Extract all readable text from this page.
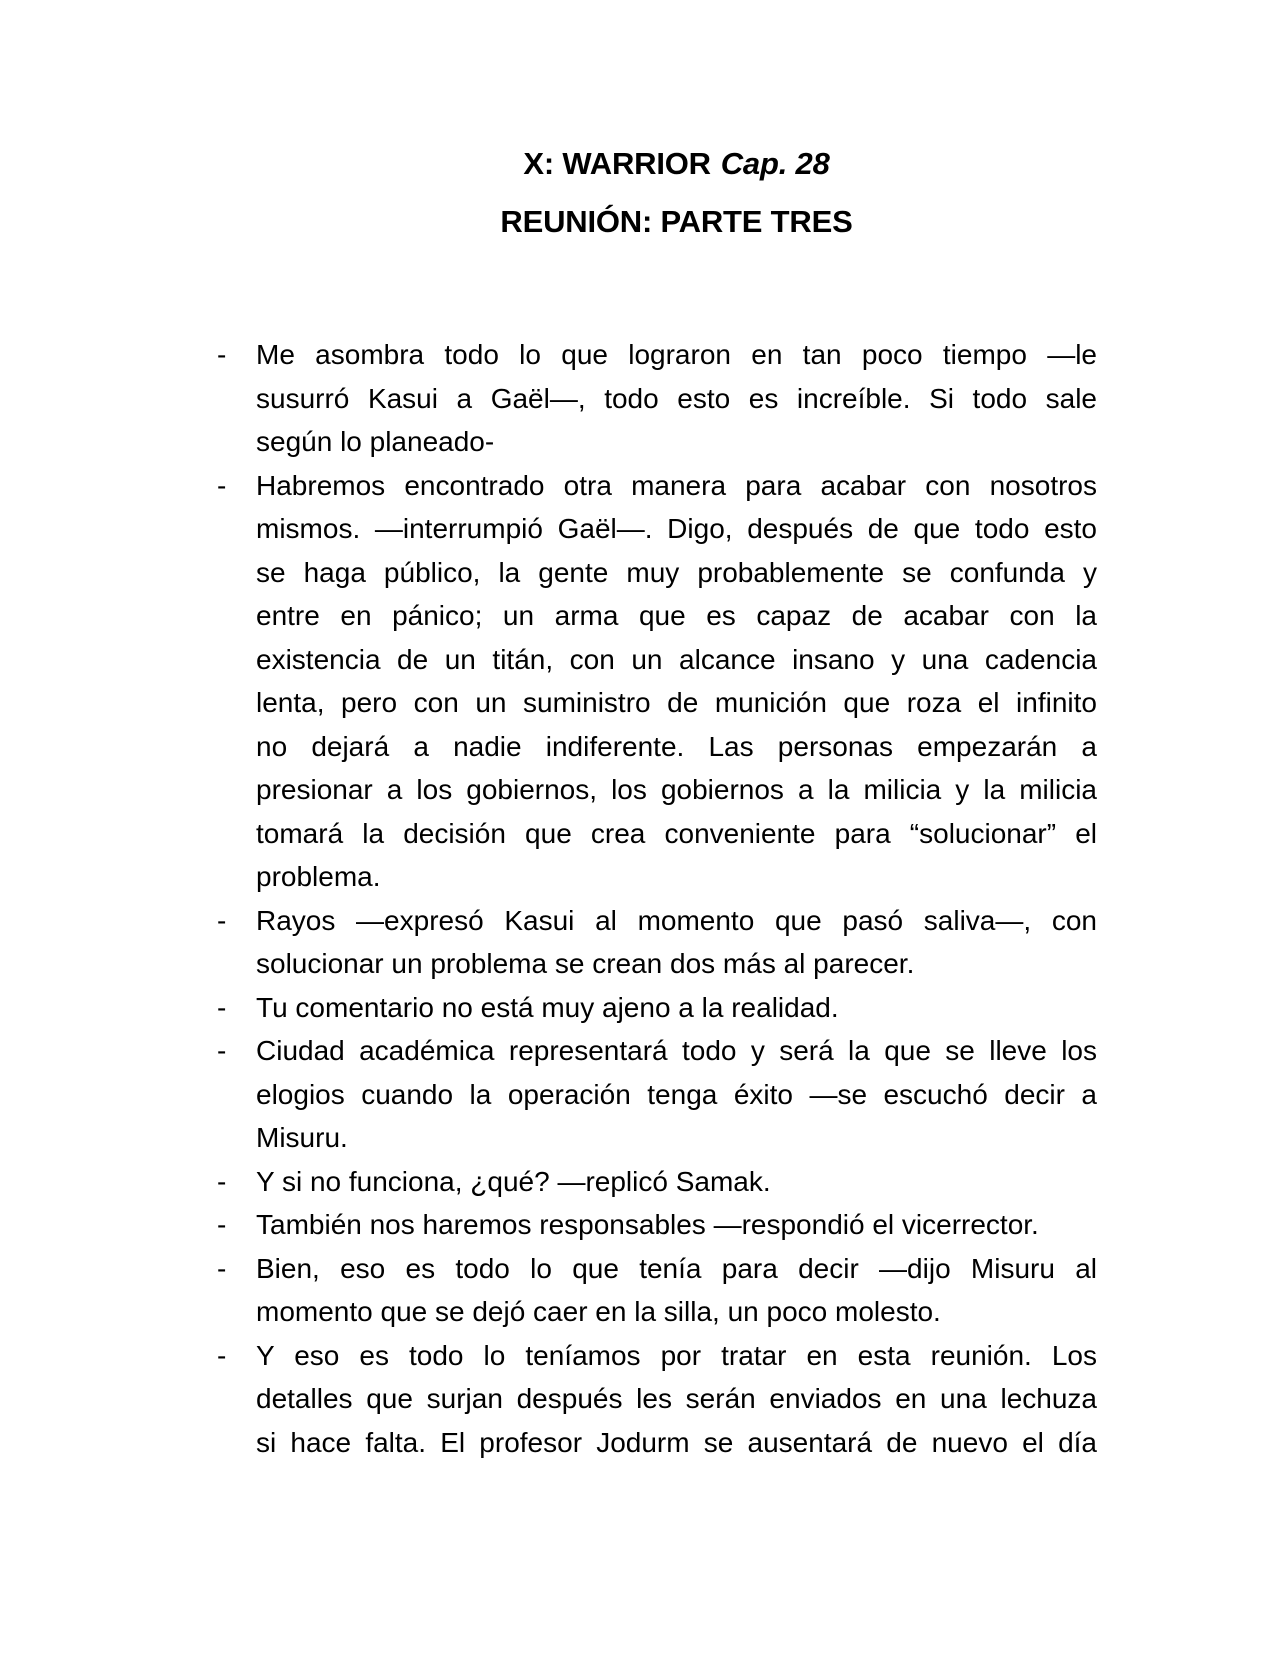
X: WARRIOR Cap. 28
REUNIÓN: PARTE TRES
-	Me asombra todo lo que lograron en tan poco tiempo —le
susurró Kasui a Gaël—, todo esto es increíble. Si todo sale
según lo planeado-
-	Habremos encontrado otra manera para acabar con nosotros
mismos. —interrumpió Gaël—. Digo, después de que todo esto
se haga público, la gente muy probablemente se confunda y
entre en pánico; un arma que es capaz de acabar con la
existencia de un titán, con un alcance insano y una cadencia
lenta, pero con un suministro de munición que roza el infinito
no dejará a nadie indiferente. Las personas empezarán a
presionar a los gobiernos, los gobiernos a la milicia y la milicia
tomará la decisión que crea conveniente para “solucionar” el
problema.
-	Rayos —expresó Kasui al momento que pasó saliva—, con
solucionar un problema se crean dos más al parecer.
-	Tu comentario no está muy ajeno a la realidad.
-	Ciudad académica representará todo y será la que se lleve los
elogios cuando la operación tenga éxito —se escuchó decir a
Misuru.
-	Y si no funciona, ¿qué? —replicó Samak.
-	También nos haremos responsables —respondió el vicerrector.
-	Bien, eso es todo lo que tenía para decir —dijo Misuru al
momento que se dejó caer en la silla, un poco molesto.
-	Y eso es todo lo teníamos por tratar en esta reunión. Los
detalles que surjan después les serán enviados en una lechuza
si hace falta. El profesor Jodurm se ausentará de nuevo el día
